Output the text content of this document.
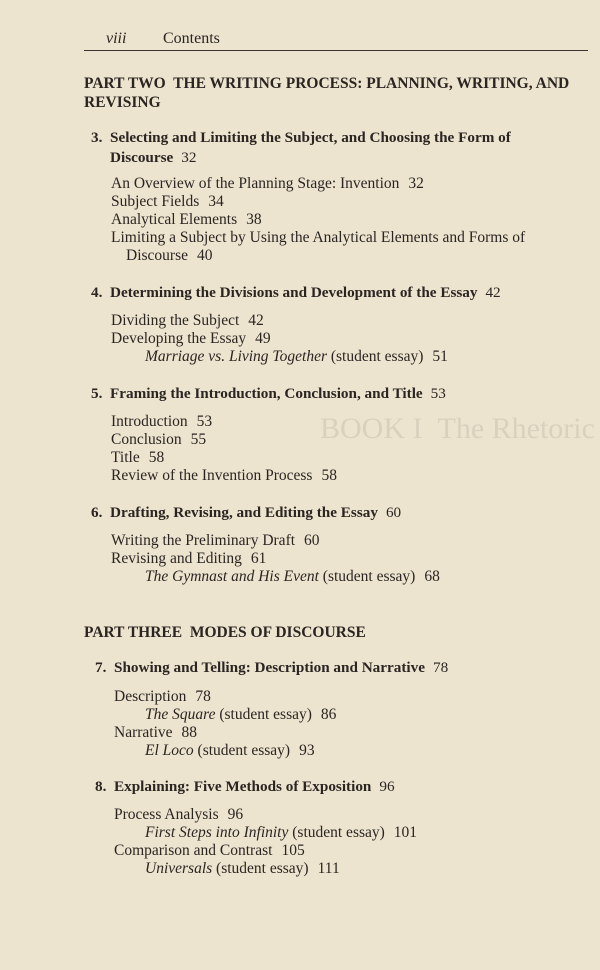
BOOK I  The Rhetoric
viii Contents
PART TWO  THE WRITING PROCESS: PLANNING, WRITING, AND
REVISING
3. Selecting and Limiting the Subject, and Choosing the Form of
Discourse 32
An Overview of the Planning Stage: Invention 32
Subject Fields 34
Analytical Elements 38
Limiting a Subject by Using the Analytical Elements and Forms of
Discourse 40
4. Determining the Divisions and Development of the Essay 42
Dividing the Subject 42
Developing the Essay 49
Marriage vs. Living Together (student essay) 51
5. Framing the Introduction, Conclusion, and Title 53
Introduction 53
Conclusion 55
Title 58
Review of the Invention Process 58
6. Drafting, Revising, and Editing the Essay 60
Writing the Preliminary Draft 60
Revising and Editing 61
The Gymnast and His Event (student essay) 68
PART THREE  MODES OF DISCOURSE
7. Showing and Telling: Description and Narrative 78
Description 78
The Square (student essay) 86
Narrative 88
El Loco (student essay) 93
8. Explaining: Five Methods of Exposition 96
Process Analysis 96
First Steps into Infinity (student essay) 101
Comparison and Contrast 105
Universals (student essay) 111
